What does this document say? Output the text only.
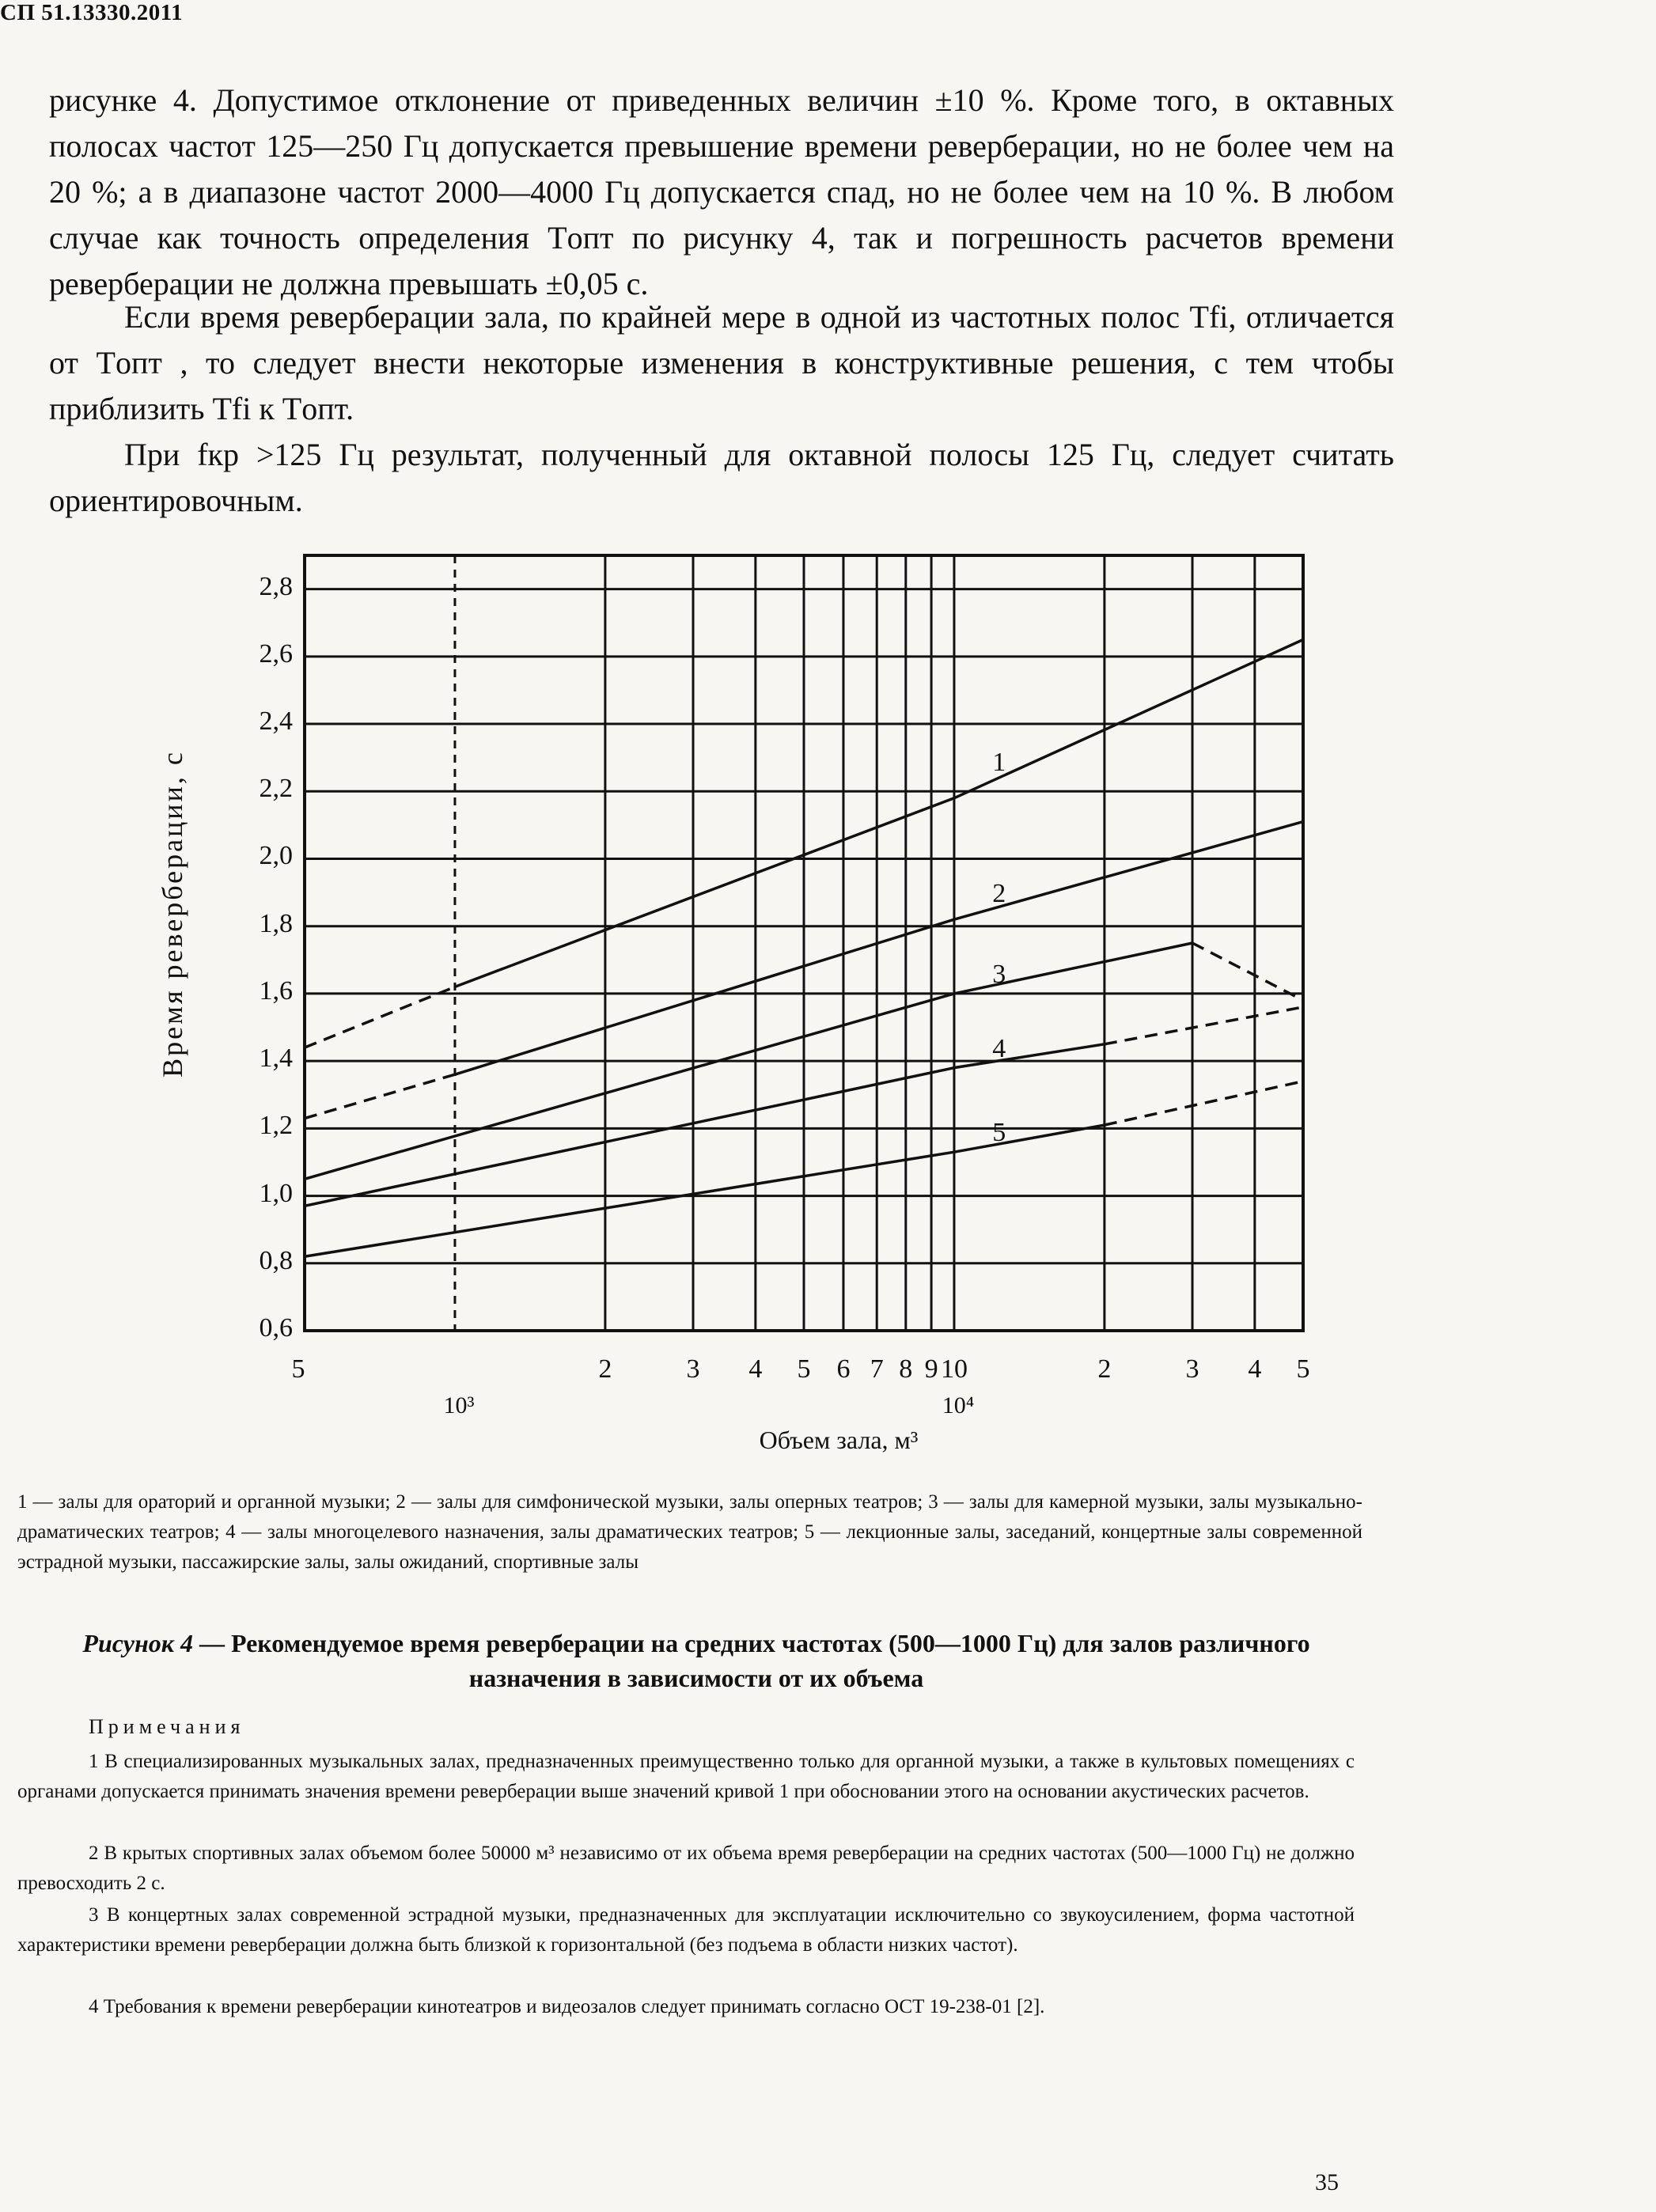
СП 51.13330.2011
рисунке 4. Допустимое отклонение от приведенных величин ±10 %. Кроме того, в октавных полосах частот 125—250 Гц допускается превышение времени реверберации, но не более чем на 20 %; а в диапазоне частот 2000—4000 Гц допускается спад, но не более чем на 10 %. В любом случае как точность определения Tопт по рисунку 4, так и погрешность расчетов времени реверберации не должна превышать ±0,05 с.
Если время реверберации зала, по крайней мере в одной из частотных полос Tfi, отличается от Tопт , то следует внести некоторые изменения в конструктивные решения, с тем чтобы приблизить Tfi к Tопт.
При fкр >125 Гц результат, полученный для октавной полосы 125 Гц, следует считать ориентировочным.
Время реверберации, с
Объем зала, м³
0,6
0,8
1,0
1,2
1,4
1,6
1,8
2,0
2,2
2,4
2,6
2,8
5	2	3 4 5 6 7 8 9 10	2	3 4 5
10³	10⁴
1
2
3
4
5
1 — залы для ораторий и органной музыки; 2 — залы для симфонической музыки, залы оперных театров; 3 — залы для камерной музыки, залы музыкально-драматических театров; 4 — залы многоцелевого назначения, залы драматических театров; 5 — лекционные залы, заседаний, концертные залы современной эстрадной музыки, пассажирские залы, залы ожиданий, спортивные залы
Рисунок 4 — Рекомендуемое время реверберации на средних частотах (500—1000 Гц) для залов различного назначения в зависимости от их объема
Примечания
1 В специализированных музыкальных залах, предназначенных преимущественно только для органной музыки, а также в культовых помещениях с органами допускается принимать значения времени реверберации выше значений кривой 1 при обосновании этого на основании акустических расчетов.
2 В крытых спортивных залах объемом более 50000 м³ независимо от их объема время реверберации на средних частотах (500—1000 Гц) не должно превосходить 2 с.
3 В концертных залах современной эстрадной музыки, предназначенных для эксплуатации исключительно со звукоусилением, форма частотной характеристики времени реверберации должна быть близкой к горизонтальной (без подъема в области низких частот).
4 Требования к времени реверберации кинотеатров и видеозалов следует принимать согласно ОСТ 19-238-01 [2].
35
